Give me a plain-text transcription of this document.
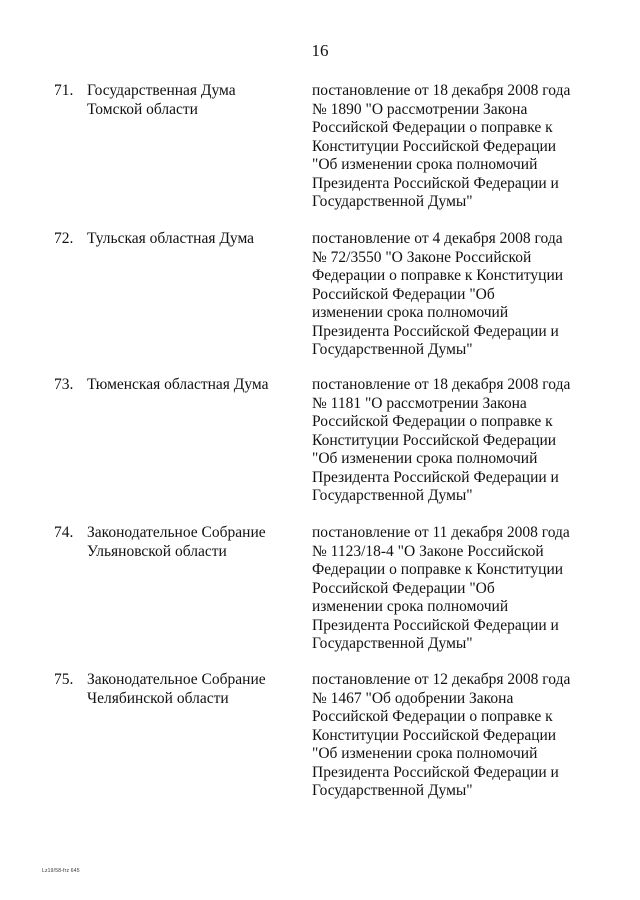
16
71. Государственная Дума
Томской области
постановление от 18 декабря 2008 года
№ 1890 "О рассмотрении Закона
Российской Федерации о поправке к
Конституции Российской Федерации
"Об изменении срока полномочий
Президента Российской Федерации и
Государственной Думы"
72. Тульская областная Дума	постановление от 4 декабря 2008 года
№ 72/3550 "О Законе Российской
Федерации о поправке к Конституции
Российской Федерации "Об
изменении срока полномочий
Президента Российской Федерации и
Государственной Думы"
73. Тюменская областная Дума	постановление от 18 декабря 2008 года
№ 1181 "О рассмотрении Закона
Российской Федерации о поправке к
Конституции Российской Федерации
"Об изменении срока полномочий
Президента Российской Федерации и
Государственной Думы"
74. Законодательное Собрание
Ульяновской области
постановление от 11 декабря 2008 года
№ 1123/18-4 "О Законе Российской
Федерации о поправке к Конституции
Российской Федерации "Об
изменении срока полномочий
Президента Российской Федерации и
Государственной Думы"
75. Законодательное Собрание
Челябинской области
постановление от 12 декабря 2008 года
№ 1467 "Об одобрении Закона
Российской Федерации о поправке к
Конституции Российской Федерации
"Об изменении срока полномочий
Президента Российской Федерации и
Государственной Думы"
Lz19/58-frz 645
